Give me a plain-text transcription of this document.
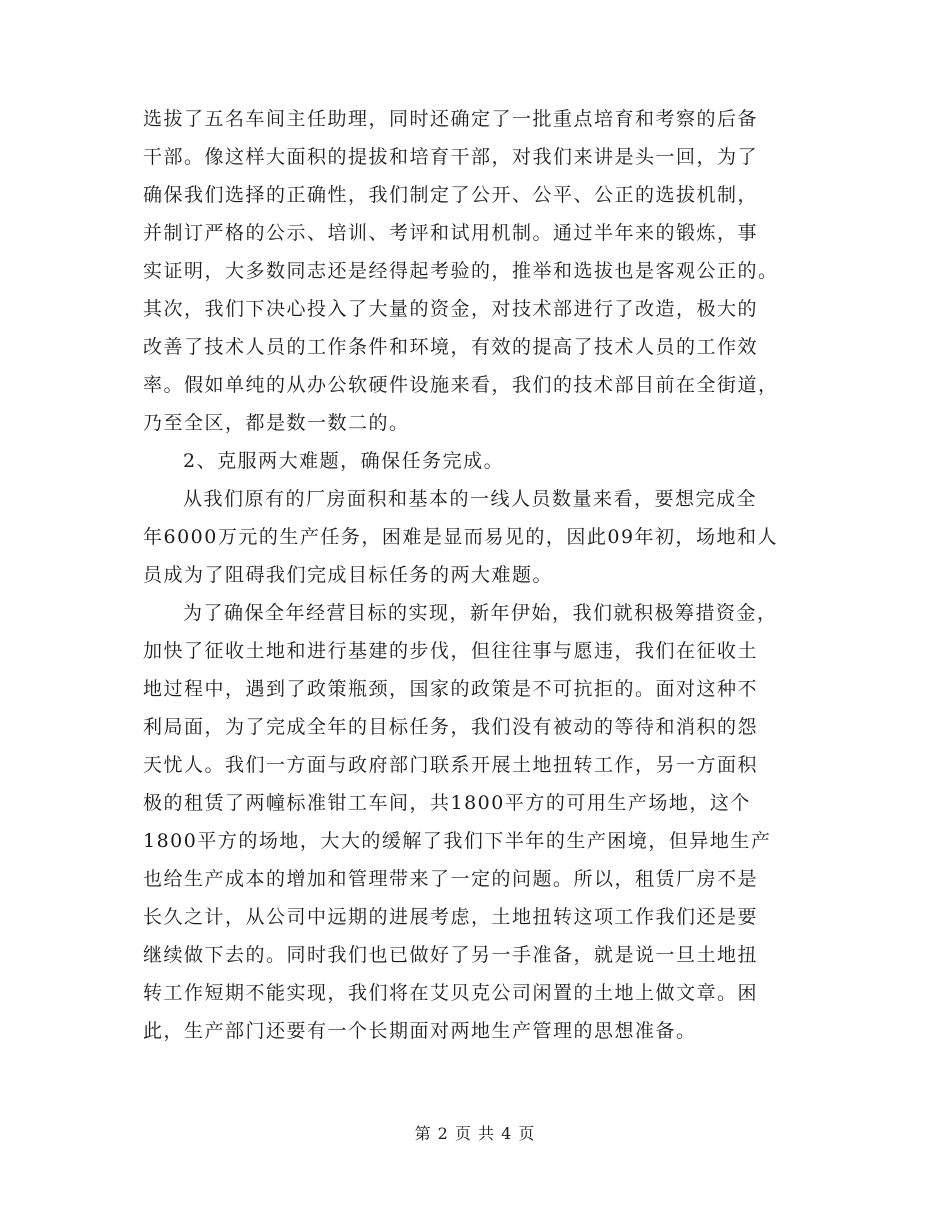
选拔了五名车间主任助理，同时还确定了一批重点培育和考察的后备
干部。像这样大面积的提拔和培育干部，对我们来讲是头一回，为了
确保我们选择的正确性，我们制定了公开、公平、公正的选拔机制，
并制订严格的公示、培训、考评和试用机制。通过半年来的锻炼，事
实证明，大多数同志还是经得起考验的，推举和选拔也是客观公正的。
其次，我们下决心投入了大量的资金，对技术部进行了改造，极大的
改善了技术人员的工作条件和环境，有效的提高了技术人员的工作效
率。假如单纯的从办公软硬件设施来看，我们的技术部目前在全街道，
乃至全区，都是数一数二的。
2、克服两大难题，确保任务完成。
从我们原有的厂房面积和基本的一线人员数量来看，要想完成全
年6000万元的生产任务，困难是显而易见的，因此09年初，场地和人
员成为了阻碍我们完成目标任务的两大难题。
为了确保全年经营目标的实现，新年伊始，我们就积极筹措资金，
加快了征收土地和进行基建的步伐，但往往事与愿违，我们在征收土
地过程中，遇到了政策瓶颈，国家的政策是不可抗拒的。面对这种不
利局面，为了完成全年的目标任务，我们没有被动的等待和消积的怨
天忧人。我们一方面与政府部门联系开展土地扭转工作，另一方面积
极的租赁了两幢标准钳工车间，共1800平方的可用生产场地，这个
1800平方的场地，大大的缓解了我们下半年的生产困境，但异地生产
也给生产成本的增加和管理带来了一定的问题。所以，租赁厂房不是
长久之计，从公司中远期的进展考虑，土地扭转这项工作我们还是要
继续做下去的。同时我们也已做好了另一手准备，就是说一旦土地扭
转工作短期不能实现，我们将在艾贝克公司闲置的土地上做文章。困
此，生产部门还要有一个长期面对两地生产管理的思想准备。
第 2 页 共 4 页
